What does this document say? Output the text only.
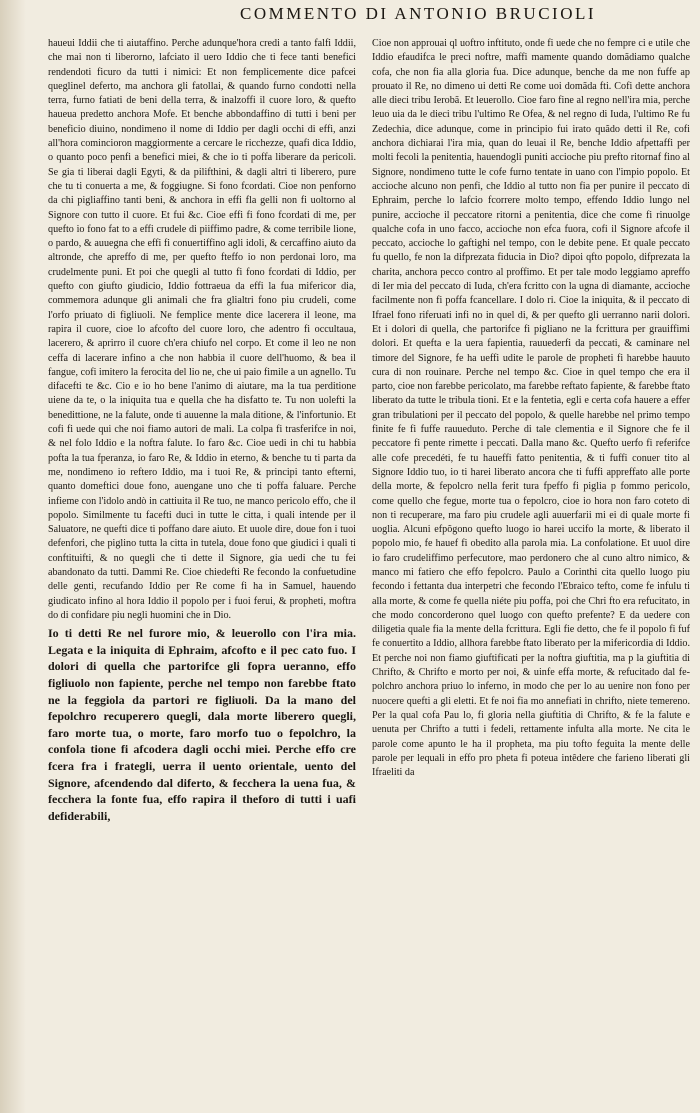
COMMENTO DI ANTONIO BRUCIOLI

haueui Iddii che ti aiutaffino. Perche adunque'hora credi a tanto falfi Iddii, che mai non ti liberorno, lafciato il uero Iddio che ti fece tanti benefici rendendoti ficuro da tutti i nimici: Et non femplicemente dice pafcei queglinel deferto, ma anchora gli fatollai, & quando furno condotti nella terra, furno fatiati de beni della terra, & inalzoffi il cuore loro, & quefto haueua predetto anchora Mofe. Et benche abbondaffino di tutti i beni per beneficio diuino, nondimeno il nome di Iddio per dagli occhi di effi, anzi all'hora comincioron maggiormente a cercare le ricchezze, quafi dica Iddio, o quanto poco penfi a benefici miei, & che io ti poffa liberare da pericoli. Se gia ti liberai dagli Egyti, & da pilifthini, & dagli altri ti liberero, pure che tu ti conuerta a me, & foggiugne. Si fono fcordati. Cioe non penforno da chi pigliaffino tanti beni, & anchora in effi fla gelli non fi uoltorno al Signore con tutto il cuore. Et fui &c. Cioe effi fi fono fcordati di me, per quefto io fono fat to a effi crudele di piiffimo padre, & come terribile lione, o pardo, & auuegna che effi fi conuertiffino agli idoli, & cercaffino aiuto da altronde, che apreffo di me, per quefto fteffo io non perdonai loro, ma crudelmente puni. Et poi che quegli al tutto fi fono fcordati di Iddio, per quefto con giufto giudicio, Iddio fottraeua da effi la fua mifericor dia, commemora adunque gli animali che fra glialtri fono piu crudeli, come l'orfo priuato di figliuoli. Ne femplice mente dice lacerera il leone, ma rapira il cuore, cioe lo afcofto del cuore loro, che adentro fi occultaua, lacerero, & aprirro il cuore ch'era chiufo nel corpo. Et come il leo ne non ceffa di lacerare infino a che non habbia il cuore dell'huomo, & bea il fangue, cofi imitero la ferocita del lio ne, che ui paio fimile a un agnello. Tu difacefti te &c. Cio e io ho bene l'animo di aiutare, ma la tua perditione uiene da te, o la iniquita tua e quella che ha disfatto te. Tu non uolefti la benedittione, ne la falute, onde ti auuenne la mala ditione, & l'infortunio. Et cofi fi uede qui che noi fiamo autori de mali. La colpa fi trasferifce in noi, & nel folo Iddio e la noftra falute. Io faro &c. Cioe uedi in chi tu habbia pofta la tua fperanza, io faro Re, & Iddio in eterno, & benche tu ti parta da me, nondimeno io reftero Iddio, ma i tuoi Re, & principi tanto efterni, quanto domeftici doue fono, auengane uno che ti poffa faluare. Perche infieme con l'idolo andò in cattiuita il Re tuo, ne manco pericolo effo, che il popolo. Similmente tu facefti duci in tutte le citta, i quali intende per il Saluatore, ne quefti dice ti poffano dare aiuto. Et uuole dire, doue fon i tuoi defenfori, che piglino tutta la citta in tutela, doue fono que giudici i quali ti conftituifti, & no quegli che ti dette il Signore, gia uedi che tu fei abandonato da tutti. Dammi Re. Cioe chiedefti Re fecondo la confuetudine delle genti, recufando Iddio per Re come fi ha in Samuel, hauendo giudicato infino al hora Iddio il popolo per i fuoi ferui, & propheti, moftra do di confidare piu negli huomini che in Dio.

Io ti detti Re nel furore mio, & leuerollo con l'ira mia. Legata e la iniquita di Ephraim, afcofto e il pec cato fuo. I dolori di quella che partorifce gli fopra ueranno, effo figliuolo non fapiente, perche nel tempo non farebbe ftato ne la feggiola da partori re figliuoli. Da la mano del fepolchro recuperero quegli, dala morte liberero quegli, faro morte tua, o morte, faro morfo tuo o fepolchro, la confola tione fi afcodera dagli occhi miei. Perche effo cre fcera fra i frategli, uerra il uento orientale, uento del Signore, afcendendo dal diferto, & fecchera la uena fua, & fecchera la fonte fua, effo rapira il theforo di tutti i uafi defiderabili,

Cioe non approuai ql uoftro inftituto, onde fi uede che no fempre ci e utile che Iddio efaudifca le preci noftre, maffi mamente quando domãdiamo qualche cofa, che non fia alla gloria fua. Dice adunque, benche da me non fuffe ap prouato il Re, no dimeno ui detti Re come uoi domãda fti. Cofi dette anchora alle dieci tribu Ierobã. Et leuerollo. Cioe faro fine al regno nell'ira mia, perche leuo uia da le dieci tribu l'ultimo Re Ofea, & nel regno di Iuda, l'ultimo Re fu Zedechia, dice adunque, come in principio fui irato quãdo detti il Re, cofi anchora dichiarai l'ira mia, quan do leuai il Re, benche Iddio afpettaffi per molti fecoli la penitentia, hauendogli puniti accioche piu prefto ritornaf fino al Signore, nondimeno tutte le cofe furno tentate in uano con l'impio popolo. Et accioche alcuno non penfi, che Iddio al tutto non fia per punire il peccato di Ephraim, perche lo lafcio fcorrere molto tempo, effendo Iddio lungo nel punire, accioche il peccatore ritorni a penitentia, dice che come fi rinuolge qualche cofa in uno facco, accioche non efca fuora, cofi il Signore afcofe il peccato, accioche lo gaftighi nel tempo, con le debite pene. Et quale peccato fu quello, fe non la difprezata fiducia in Dio? dipoi qfto popolo, difprezata la charita, anchora pecco contro al proffimo. Et per tale modo leggiamo apreffo di Ier mia del peccato di Iuda, ch'era fcritto con la ugna di diamante, accioche facilmente non fi poffa fcancellare. I dolo ri. Cioe la iniquita, & il peccato di Ifrael fono riferuati infi no in quel di, & per quefto gli uerranno narii dolori. Et i dolori di quella, che partorifce fi pigliano ne la fcrittura per grauiffimi dolori. Et quefta e la uera fapientia, rauuederfi da peccati, & caminare nel timore del Signore, fe ha ueffi udite le parole de propheti fi harebbe hauuto cura di non rouinare. Perche nel tempo &c. Cioe in quel tempo che era il parto, cioe non farebbe pericolato, ma farebbe reftato fapiente, & farebbe ftato liberato da tutte le tribula tioni. Et e la fentetia, egli e certa cofa hauere a effer gran tribulationi per il peccato del popolo, & quelle harebbe nel primo tempo finite fe fi fuffe rauueduto. Perche di tale clementia e il Signore che fe il peccatore fi pente rimette i peccati. Dalla mano &c. Quefto uerfo fi referifce alle cofe precedéti, fe tu haueffi fatto penitentia, & ti fuffi conuer tito al Signore Iddio tuo, io ti harei liberato ancora che ti fuffi appreffato alle porte della morte, & fepolcro nella ferit tura fpeffo fi piglia p fommo pericolo, come quello che fegue, morte tua o fepolcro, cioe io hora non faro coteto di non ti recuperare, ma faro piu crudele agli auuerfarii mi ei di quale morte fi uoglia. Alcuni efpõgono quefto luogo io harei uccifo la morte, & liberato il popolo mio, fe hauef fi obedito alla parola mia. La confolatione. Et uuol dire io faro crudeliffimo perfecutore, mao perdonero che al cuno altro nimico, & manco mi fatiero che effo fepolcro. Paulo a Corinthi cita quello luogo piu fecondo i fettanta dua interpetri che fecondo l'Ebraico tefto, come fe infulu ti alla morte, & come fe quella niéte piu poffa, poi che Chri fto era refucitato, in che modo concorderono quel luogo con quefto prefente? E da uedere con diligetia quale fia la mente della fcrittura. Egli fie detto, che fe il popolo fi fuf fe conuertito a Iddio, allhora farebbe ftato liberato per la mifericordia di Iddio. Et perche noi non fiamo giuftificati per la noftra giuftitia, ma p la giuftitia di Chrifto, & Chrifto e morto per noi, & uinfe effa morte, & refucitado dal fepolchro anchora priuo lo inferno, in modo che per lo au uenire non fono per nuocere quefti a gli eletti. Et fe noi fia mo annefiati in chrifto, niete temereno. Per la qual cofa Pau lo, fi gloria nella giuftitia di Chrifto, & fe la falute e uenuta per Chrifto a tutti i fedeli, rettamente infulta alla morte. Ne cita le parole come apunto le ha il propheta, ma piu tofto feguita la mente delle parole per lequali in effo pro pheta fi poteua intêdere che farieno liberati gli Ifraeliti da
